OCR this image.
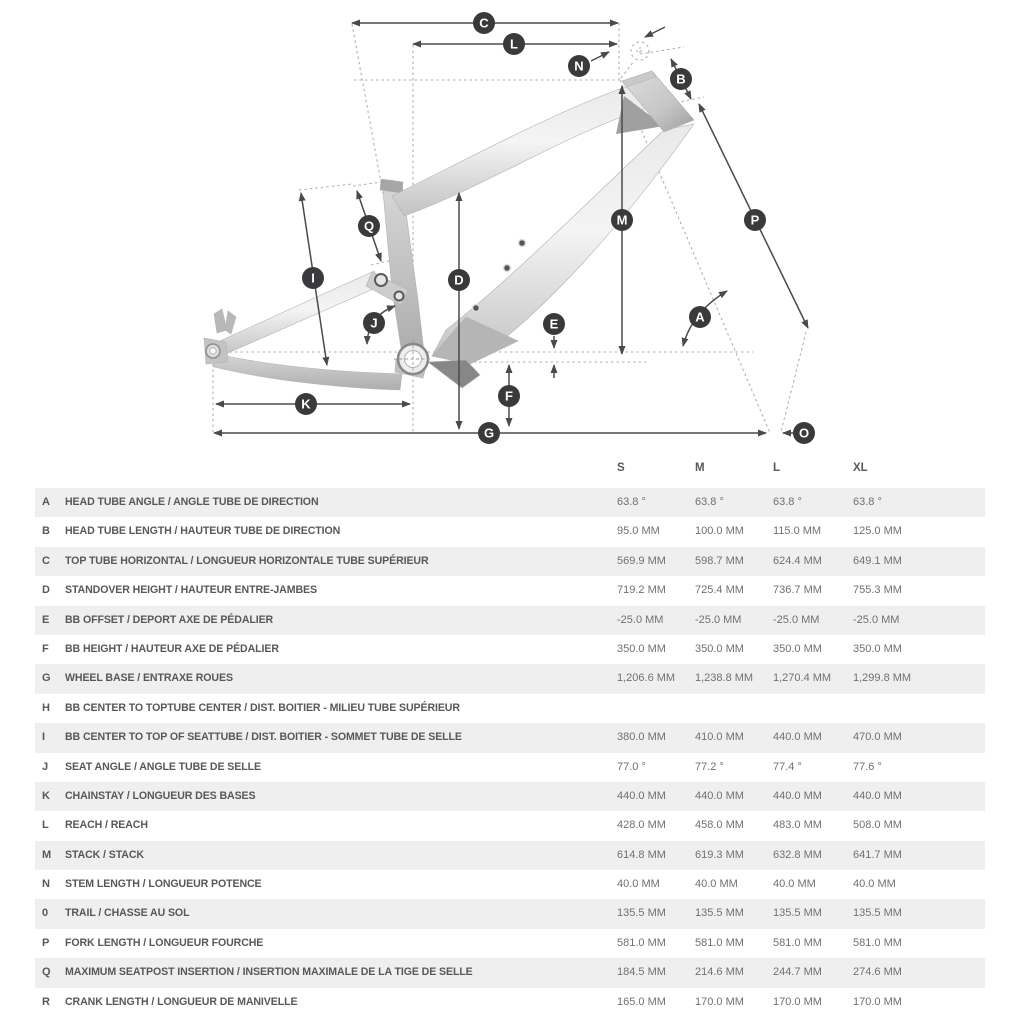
C
L
N
B
M	P
Q
I	D
A
J	E
F
K
G	O
S	M	L	XL
A	HEAD TUBE ANGLE / ANGLE TUBE DE DIRECTION	63.8 °	63.8 °	63.8 °	63.8 °
B	HEAD TUBE LENGTH / HAUTEUR TUBE DE DIRECTION	95.0 MM	100.0 MM	115.0 MM	125.0 MM
C	TOP TUBE HORIZONTAL / LONGUEUR HORIZONTALE TUBE SUPÉRIEUR	569.9 MM	598.7 MM	624.4 MM	649.1 MM
D	STANDOVER HEIGHT / HAUTEUR ENTRE-JAMBES	719.2 MM	725.4 MM	736.7 MM	755.3 MM
E	BB OFFSET / DEPORT AXE DE PÉDALIER	-25.0 MM	-25.0 MM	-25.0 MM	-25.0 MM
F	BB HEIGHT / HAUTEUR AXE DE PÉDALIER	350.0 MM	350.0 MM	350.0 MM	350.0 MM
G	WHEEL BASE / ENTRAXE ROUES	1,206.6 MM 1,238.8 MM 1,270.4 MM 1,299.8 MM
H	BB CENTER TO TOPTUBE CENTER / DIST. BOITIER - MILIEU TUBE SUPÉRIEUR
I	BB CENTER TO TOP OF SEATTUBE / DIST. BOITIER - SOMMET TUBE DE SELLE	380.0 MM	410.0 MM	440.0 MM	470.0 MM
J	SEAT ANGLE / ANGLE TUBE DE SELLE	77.0 °	77.2 °	77.4 °	77.6 °
K	CHAINSTAY / LONGUEUR DES BASES	440.0 MM	440.0 MM	440.0 MM	440.0 MM
L	REACH / REACH	428.0 MM	458.0 MM	483.0 MM	508.0 MM
M	STACK / STACK	614.8 MM	619.3 MM	632.8 MM	641.7 MM
N	STEM LENGTH / LONGUEUR POTENCE	40.0 MM	40.0 MM	40.0 MM	40.0 MM
0	TRAIL / CHASSE AU SOL	135.5 MM	135.5 MM	135.5 MM	135.5 MM
P	FORK LENGTH / LONGUEUR FOURCHE	581.0 MM	581.0 MM	581.0 MM	581.0 MM
Q	MAXIMUM SEATPOST INSERTION / INSERTION MAXIMALE DE LA TIGE DE SELLE	184.5 MM	214.6 MM	244.7 MM	274.6 MM
R	CRANK LENGTH / LONGUEUR DE MANIVELLE	165.0 MM	170.0 MM	170.0 MM	170.0 MM
